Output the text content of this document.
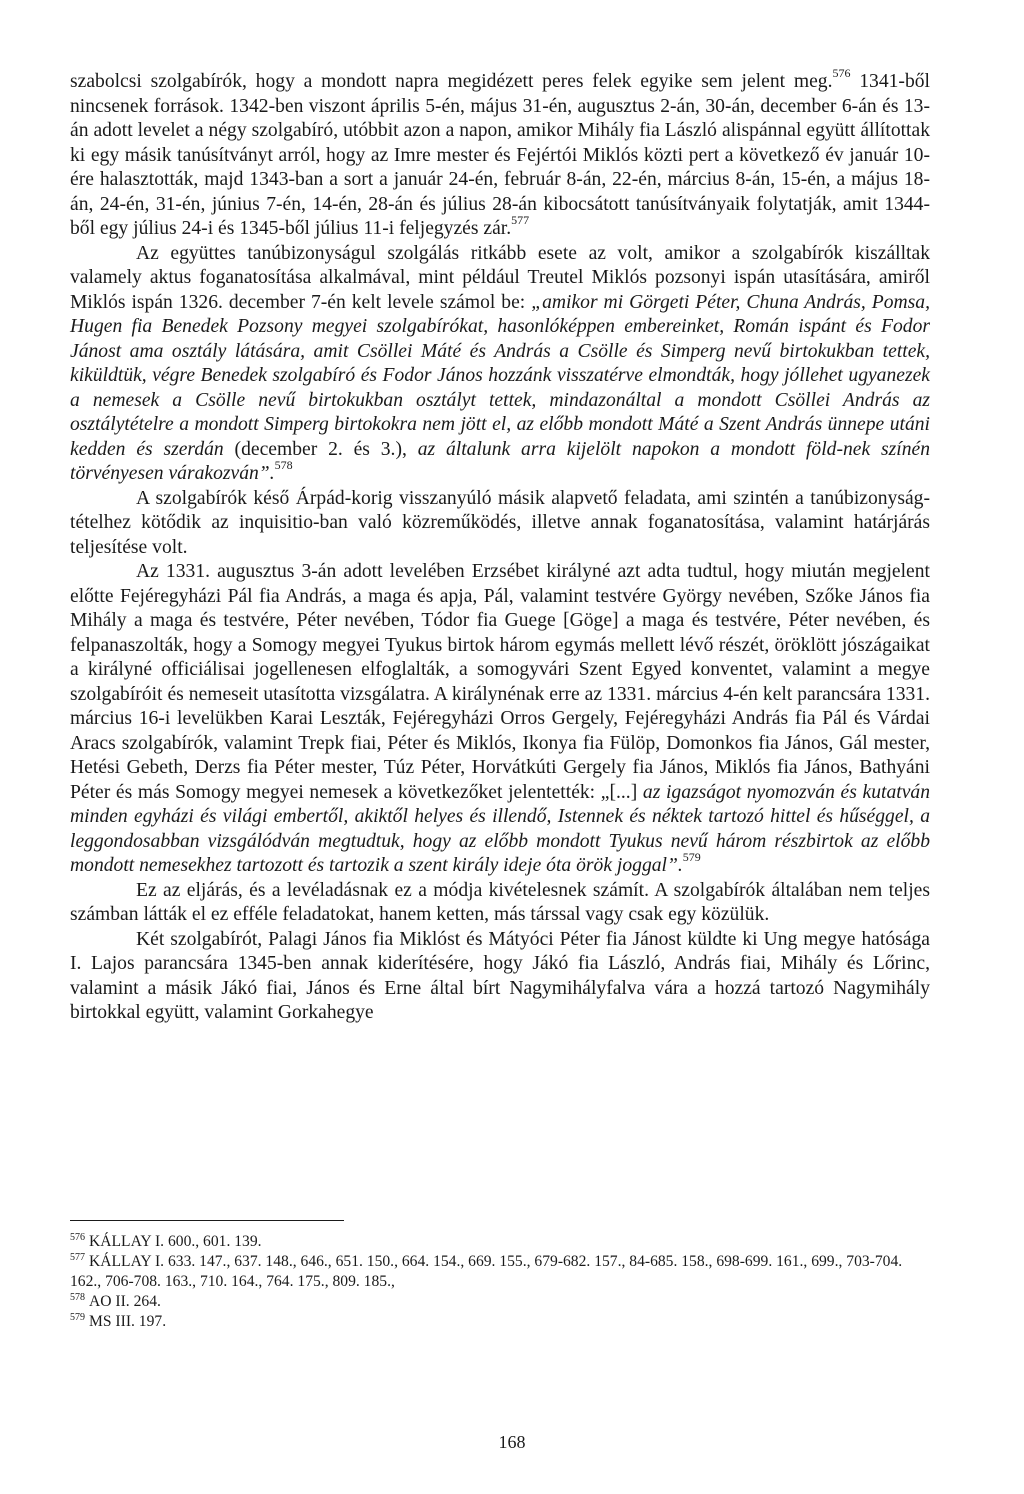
szabolcsi szolgabírók, hogy a mondott napra megidézett peres felek egyike sem jelent meg.$^{576}$ 1341-ből nincsenek források. 1342-ben viszont április 5-én, május 31-én, augusztus 2-án, 30-án, december 6-án és 13-án adott levelet a négy szolgabíró, utóbbit azon a napon, amikor Mihály fia László alispánnal együtt állítottak ki egy másik tanúsítványt arról, hogy az Imre mester és Fejértói Miklós közti pert a következő év január 10-ére halasztották, majd 1343-ban a sort a január 24-én, február 8-án, 22-én, március 8-án, 15-én, a május 18-án, 24-én, 31-én, június 7-én, 14-én, 28-án és július 28-án kibocsátott tanúsítványaik folytatják, amit 1344-ből egy július 24-i és 1345-ből július 11-i feljegyzés zár.$^{577}$

Az együttes tanúbizonyságul szolgálás ritkább esete az volt, amikor a szolgabírók kiszálltak valamely aktus foganatosítása alkalmával, mint például Treutel Miklós pozsonyi ispán utasítására, amiről Miklós ispán 1326. december 7-én kelt levele számol be: „amikor mi Görgeti Péter, Chuna András, Pomsa, Hugen fia Benedek Pozsony megyei szolgabírókat, hasonlóképpen embereinket, Román ispánt és Fodor Jánost ama osztály látására, amit Csöllei Máté és András a Csölle és Simperg nevű birtokukban tettek, kiküldtük, végre Benedek szolgabíró és Fodor János hozzánk visszatérve elmondták, hogy jóllehet ugyanezek a nemesek a Csölle nevű birtokukban osztályt tettek, mindazonáltal a mondott Csöllei András az osztálytételre a mondott Simperg birtokokra nem jött el, az előbb mondott Máté a Szent András ünnepe utáni kedden és szerdán (december 2. és 3.), az általunk arra kijelölt napokon a mondott föld-nek színén törvényesen várakozván”.$^{578}$

A szolgabírók késő Árpád-korig visszanyúló másik alapvető feladata, ami szintén a tanúbizonyság-tételhez kötődik az inquisitio-ban való közreműködés, illetve annak foganatosítása, valamint határjárás teljesítése volt.

Az 1331. augusztus 3-án adott levelében Erzsébet királyné azt adta tudtul, hogy miután megjelent előtte Fejéregyházi Pál fia András, a maga és apja, Pál, valamint testvére György nevében, Szőke János fia Mihály a maga és testvére, Péter nevében, Tódor fia Guege [Göge] a maga és testvére, Péter nevében, és felpanaszolták, hogy a Somogy megyei Tyukus birtok három egymás mellett lévő részét, öröklött jószágaikat a királyné officiálisai jogellenesen elfoglalták, a somogyvári Szent Egyed konventet, valamint a megye szolgabíróit és nemeseit utasította vizsgálatra. A királynénak erre az 1331. március 4-én kelt parancsára 1331. március 16-i levelükben Karai Leszták, Fejéregyházi Orros Gergely, Fejéregyházi András fia Pál és Várdai Aracs szolgabírók, valamint Trepk fiai, Péter és Miklós, Ikonya fia Fülöp, Domonkos fia János, Gál mester, Hetési Gebeth, Derzs fia Péter mester, Túz Péter, Horvátkúti Gergely fia János, Miklós fia János, Bathyáni Péter és más Somogy megyei nemesek a következőket jelentették: „[...] az igazságot nyomozván és kutatván minden egyházi és világi embertől, akiktől helyes és illendő, Istennek és néktek tartozó hittel és hűséggel, a leggondosabban vizsgálódván megtudtuk, hogy az előbb mondott Tyukus nevű három részbirtok az előbb mondott nemesekhez tartozott és tartozik a szent király ideje óta örök joggal”.$^{579}$

Ez az eljárás, és a levéladásnak ez a módja kivételesnek számít. A szolgabírók általában nem teljes számban látták el ez efféle feladatokat, hanem ketten, más társsal vagy csak egy közülük.

Két szolgabírót, Palagi János fia Miklóst és Mátyóci Péter fia Jánost küldte ki Ung megye hatósága I. Lajos parancsára 1345-ben annak kiderítésére, hogy Jákó fia László, András fiai, Mihály és Lőrinc, valamint a másik Jákó fiai, János és Erne által bírt Nagymihályfalva vára a hozzá tartozó Nagymihály birtokkal együtt, valamint Gorkahegye

$^{576}$ KÁLLAY I. 600., 601. 139.

$^{577}$ KÁLLAY I. 633. 147., 637. 148., 646., 651. 150., 664. 154., 669. 155., 679-682. 157., 84-685. 158., 698-699. 161., 699., 703-704. 162., 706-708. 163., 710. 164., 764. 175., 809. 185.,

$^{578}$ AO II. 264.

$^{579}$ MS III. 197.

168
